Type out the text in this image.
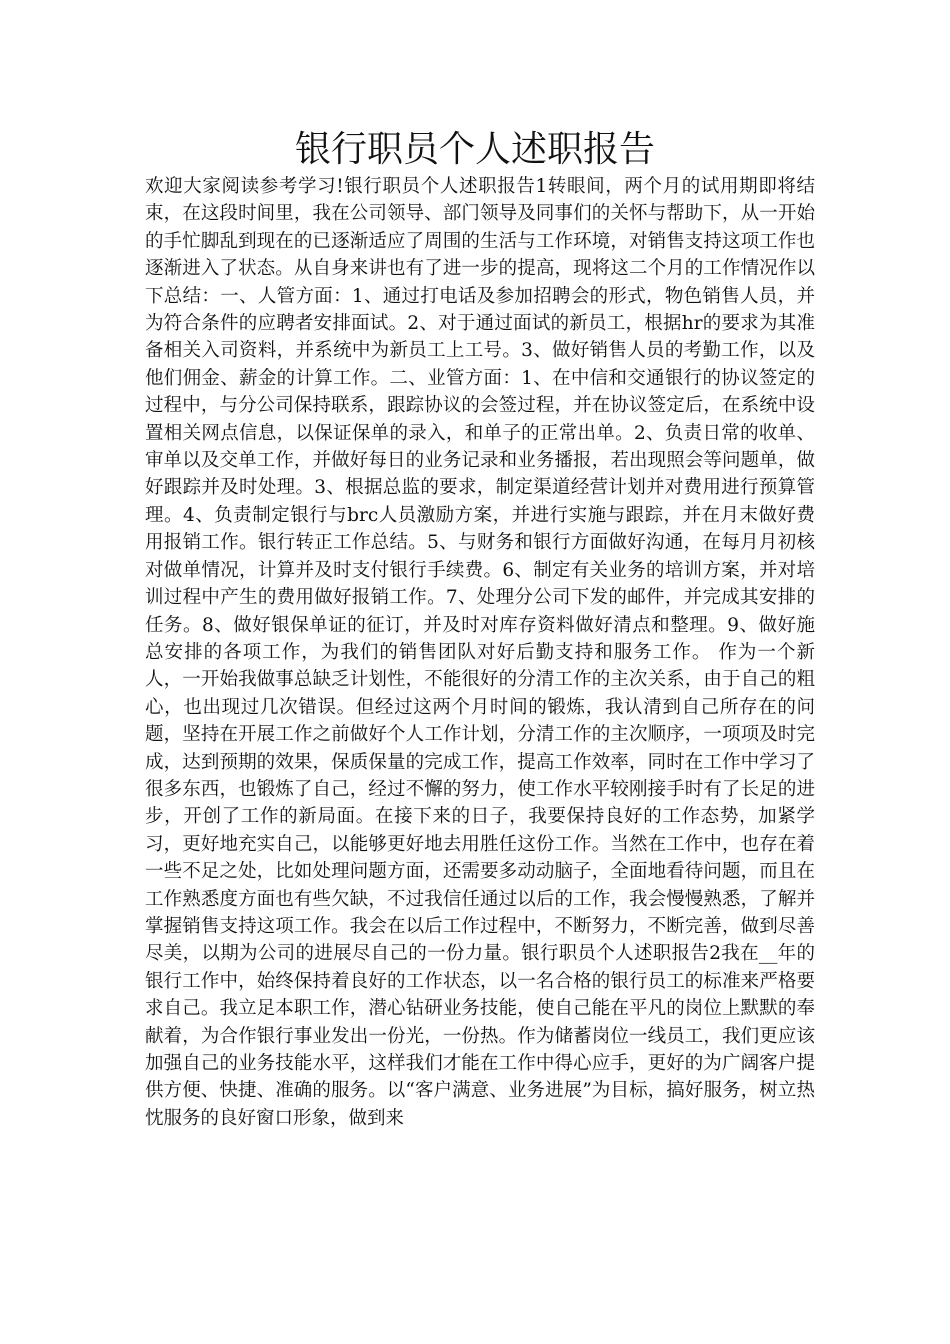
银行职员个人述职报告

欢迎大家阅读参考学习!银行职员个人述职报告1转眼间，两个月的试用期即将结束，在这段时间里，我在公司领导、部门领导及同事们的关怀与帮助下，从一开始的手忙脚乱到现在的已逐渐适应了周围的生活与工作环境，对销售支持这项工作也逐渐进入了状态。从自身来讲也有了进一步的提高，现将这二个月的工作情况作以下总结：一、人管方面：1、通过打电话及参加招聘会的形式，物色销售人员，并为符合条件的应聘者安排面试。2、对于通过面试的新员工，根据hr的要求为其准备相关入司资料，并系统中为新员工上工号。3、做好销售人员的考勤工作，以及他们佣金、薪金的计算工作。二、业管方面：1、在中信和交通银行的协议签定的过程中，与分公司保持联系，跟踪协议的会签过程，并在协议签定后，在系统中设置相关网点信息，以保证保单的录入，和单子的正常出单。2、负责日常的收单、审单以及交单工作，并做好每日的业务记录和业务播报，若出现照会等问题单，做好跟踪并及时处理。3、根据总监的要求，制定渠道经营计划并对费用进行预算管理。4、负责制定银行与brc人员激励方案，并进行实施与跟踪，并在月末做好费用报销工作。银行转正工作总结。5、与财务和银行方面做好沟通，在每月月初核对做单情况，计算并及时支付银行手续费。6、制定有关业务的培训方案，并对培训过程中产生的费用做好报销工作。7、处理分公司下发的邮件，并完成其安排的任务。8、做好银保单证的征订，并及时对库存资料做好清点和整理。9、做好施总安排的各项工作，为我们的销售团队对好后勤支持和服务工作。 作为一个新人，一开始我做事总缺乏计划性，不能很好的分清工作的主次关系，由于自己的粗心，也出现过几次错误。但经过这两个月时间的锻炼，我认清到自己所存在的问题，坚持在开展工作之前做好个人工作计划，分清工作的主次顺序，一项项及时完成，达到预期的效果，保质保量的完成工作，提高工作效率，同时在工作中学习了很多东西，也锻炼了自己，经过不懈的努力，使工作水平较刚接手时有了长足的进步，开创了工作的新局面。在接下来的日子，我要保持良好的工作态势，加紧学习，更好地充实自己，以能够更好地去用胜任这份工作。当然在工作中，也存在着一些不足之处，比如处理问题方面，还需要多动动脑子，全面地看待问题，而且在工作熟悉度方面也有些欠缺，不过我信任通过以后的工作，我会慢慢熟悉，了解并掌握销售支持这项工作。我会在以后工作过程中，不断努力，不断完善，做到尽善尽美，以期为公司的进展尽自己的一份力量。银行职员个人述职报告2我在__年的银行工作中，始终保持着良好的工作状态，以一名合格的银行员工的标准来严格要求自己。我立足本职工作，潜心钻研业务技能，使自己能在平凡的岗位上默默的奉献着，为合作银行事业发出一份光，一份热。作为储蓄岗位一线员工，我们更应该加强自己的业务技能水平，这样我们才能在工作中得心应手，更好的为广阔客户提供方便、快捷、准确的服务。以“客户满意、业务进展”为目标，搞好服务，树立热忱服务的良好窗口形象，做到来
